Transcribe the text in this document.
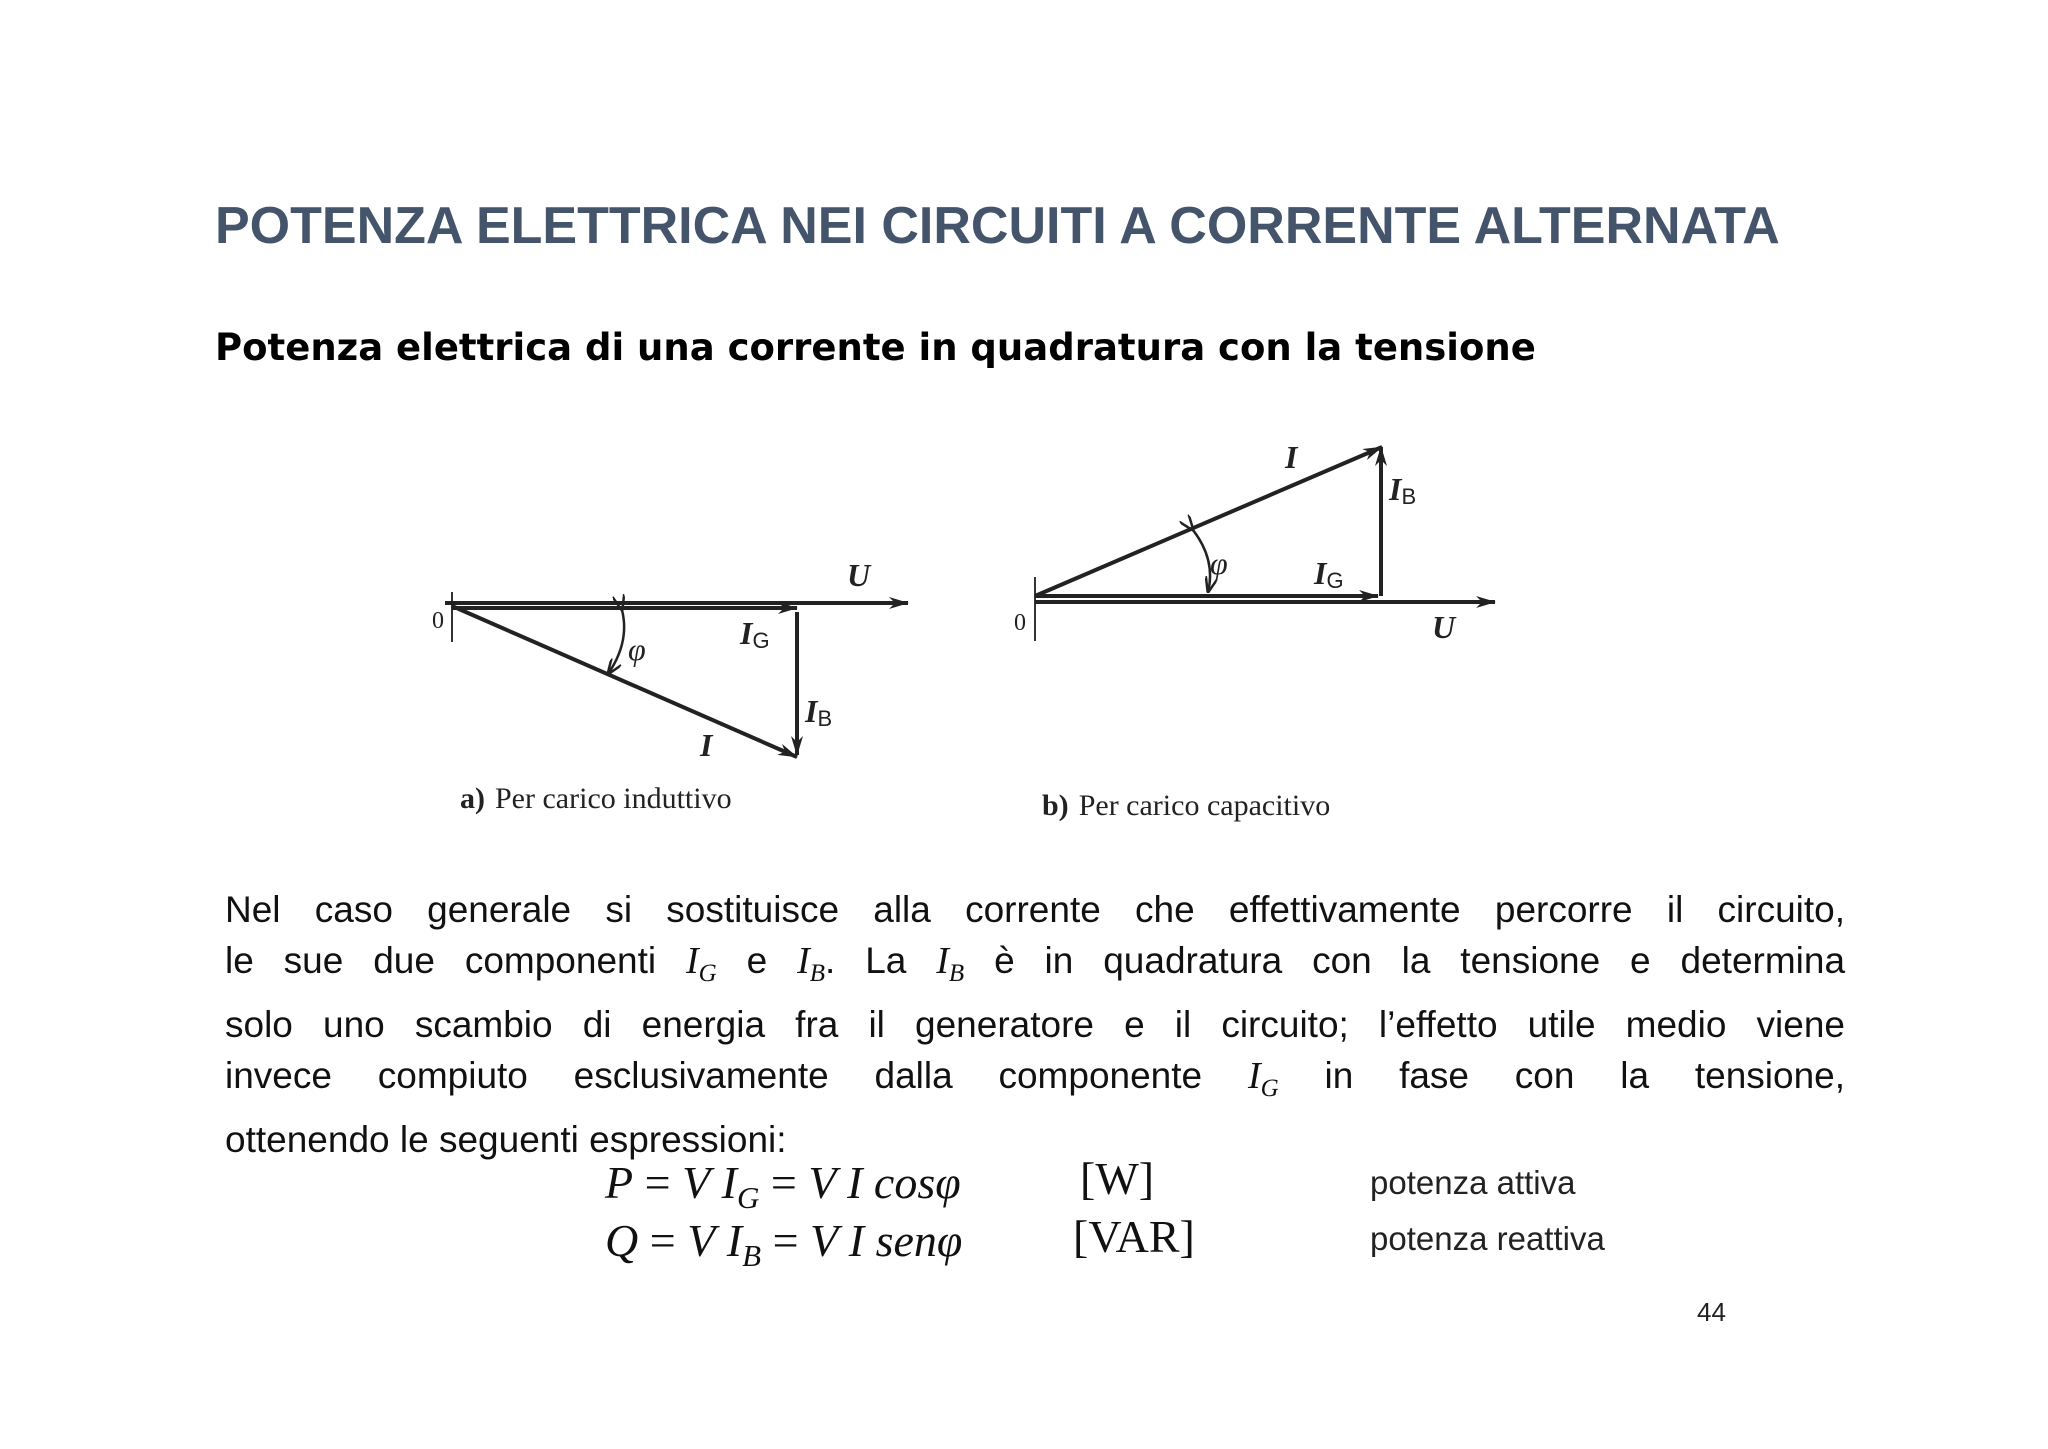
POTENZA ELETTRICA NEI CIRCUITI A CORRENTE ALTERNATA
Potenza elettrica di una corrente in quadratura con la tensione
0
U
φ	IG
IB
I
a) Per carico induttivo
0	U
φ	IG
IB
I
b) Per carico capacitivo
Nel caso generale si sostituisce alla corrente che effettivamente percorre il circuito,
le sue due componenti $I_G$ e $I_B$. La $I_B$ è in quadratura con la tensione e determina
solo uno scambio di energia fra il generatore e il circuito; l’effetto utile medio viene
invece compiuto esclusivamente dalla componente $I_G$ in fase con la tensione,
ottenendo le seguenti espressioni:
P = V $I_G = V$ I cosφ	[W]	potenza attiva
Q = V $I_B = V$ I senφ [VAR]	potenza reattiva
44
